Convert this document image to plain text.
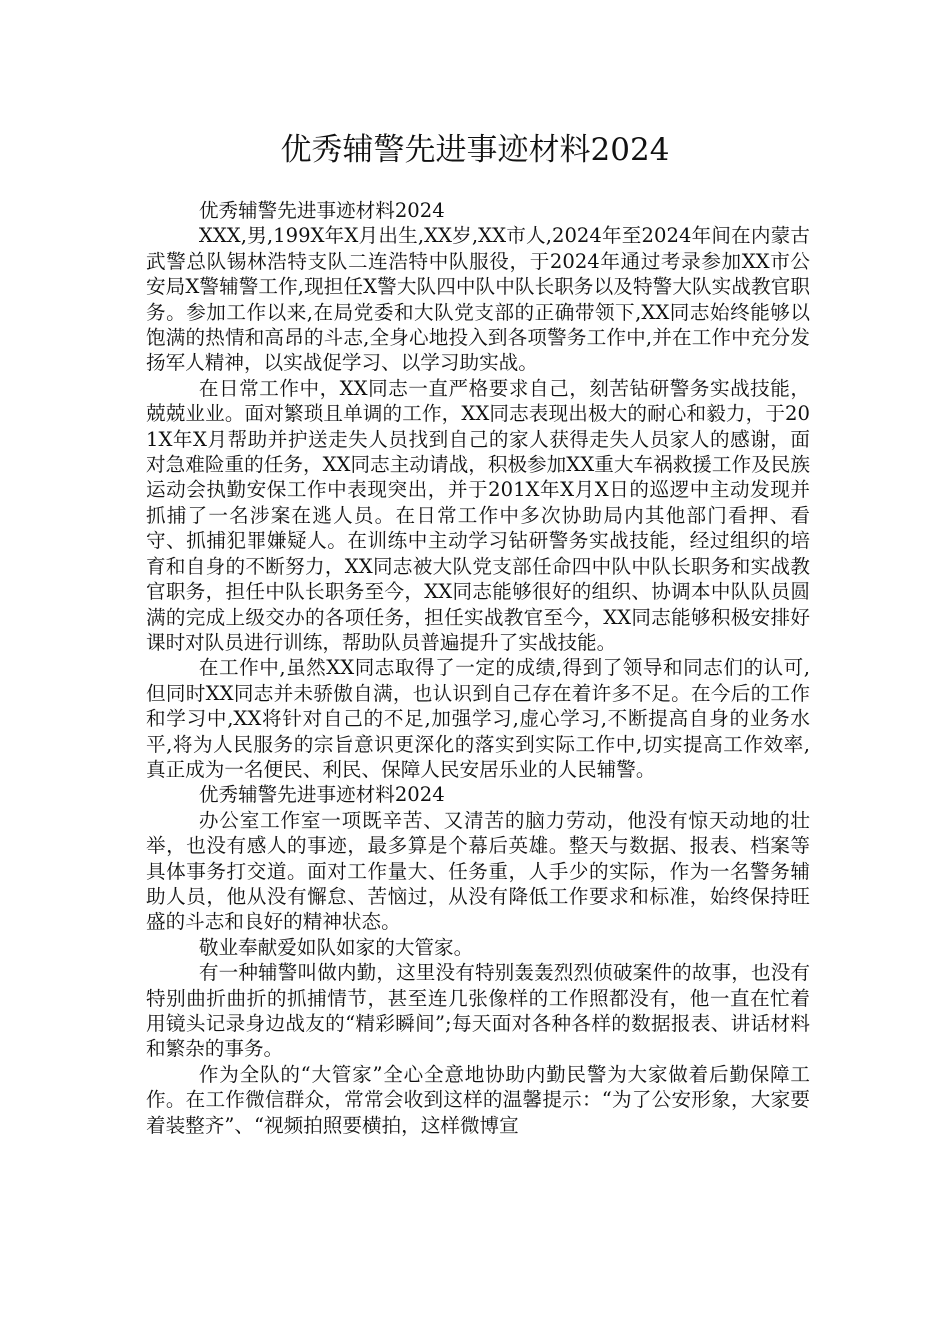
优秀辅警先进事迹材料2024

优秀辅警先进事迹材料2024

XXX,男,199X年X月出生,XX岁,XX市人,2024年至2024年间在内蒙古武警总队锡林浩特支队二连浩特中队服役，于2024年通过考录参加XX市公安局X警辅警工作,现担任X警大队四中队中队长职务以及特警大队实战教官职务。参加工作以来,在局党委和大队党支部的正确带领下,XX同志始终能够以饱满的热情和高昂的斗志,全身心地投入到各项警务工作中,并在工作中充分发扬军人精神，以实战促学习、以学习助实战。

在日常工作中，XX同志一直严格要求自己，刻苦钻研警务实战技能，兢兢业业。面对繁琐且单调的工作，XX同志表现出极大的耐心和毅力，于201X年X月帮助并护送走失人员找到自己的家人获得走失人员家人的感谢，面对急难险重的任务，XX同志主动请战，积极参加XX重大车祸救援工作及民族运动会执勤安保工作中表现突出，并于201X年X月X日的巡逻中主动发现并抓捕了一名涉案在逃人员。在日常工作中多次协助局内其他部门看押、看守、抓捕犯罪嫌疑人。在训练中主动学习钻研警务实战技能，经过组织的培育和自身的不断努力，XX同志被大队党支部任命四中队中队长职务和实战教官职务，担任中队长职务至今，XX同志能够很好的组织、协调本中队队员圆满的完成上级交办的各项任务，担任实战教官至今，XX同志能够积极安排好课时对队员进行训练，帮助队员普遍提升了实战技能。

在工作中,虽然XX同志取得了一定的成绩,得到了领导和同志们的认可,但同时XX同志并未骄傲自满，也认识到自己存在着许多不足。在今后的工作和学习中,XX将针对自己的不足,加强学习,虚心学习,不断提高自身的业务水平,将为人民服务的宗旨意识更深化的落实到实际工作中,切实提高工作效率,真正成为一名便民、利民、保障人民安居乐业的人民辅警。

优秀辅警先进事迹材料2024

办公室工作室一项既辛苦、又清苦的脑力劳动，他没有惊天动地的壮举，也没有感人的事迹，最多算是个幕后英雄。整天与数据、报表、档案等具体事务打交道。面对工作量大、任务重，人手少的实际，作为一名警务辅助人员，他从没有懈怠、苦恼过，从没有降低工作要求和标准，始终保持旺盛的斗志和良好的精神状态。

敬业奉献爱如队如家的大管家。

有一种辅警叫做内勤，这里没有特别轰轰烈烈侦破案件的故事，也没有特别曲折曲折的抓捕情节，甚至连几张像样的工作照都没有，他一直在忙着用镜头记录身边战友的“精彩瞬间”;每天面对各种各样的数据报表、讲话材料和繁杂的事务。

作为全队的“大管家”全心全意地协助内勤民警为大家做着后勤保障工作。在工作微信群众，常常会收到这样的温馨提示：“为了公安形象，大家要着装整齐”、“视频拍照要横拍，这样微博宣
